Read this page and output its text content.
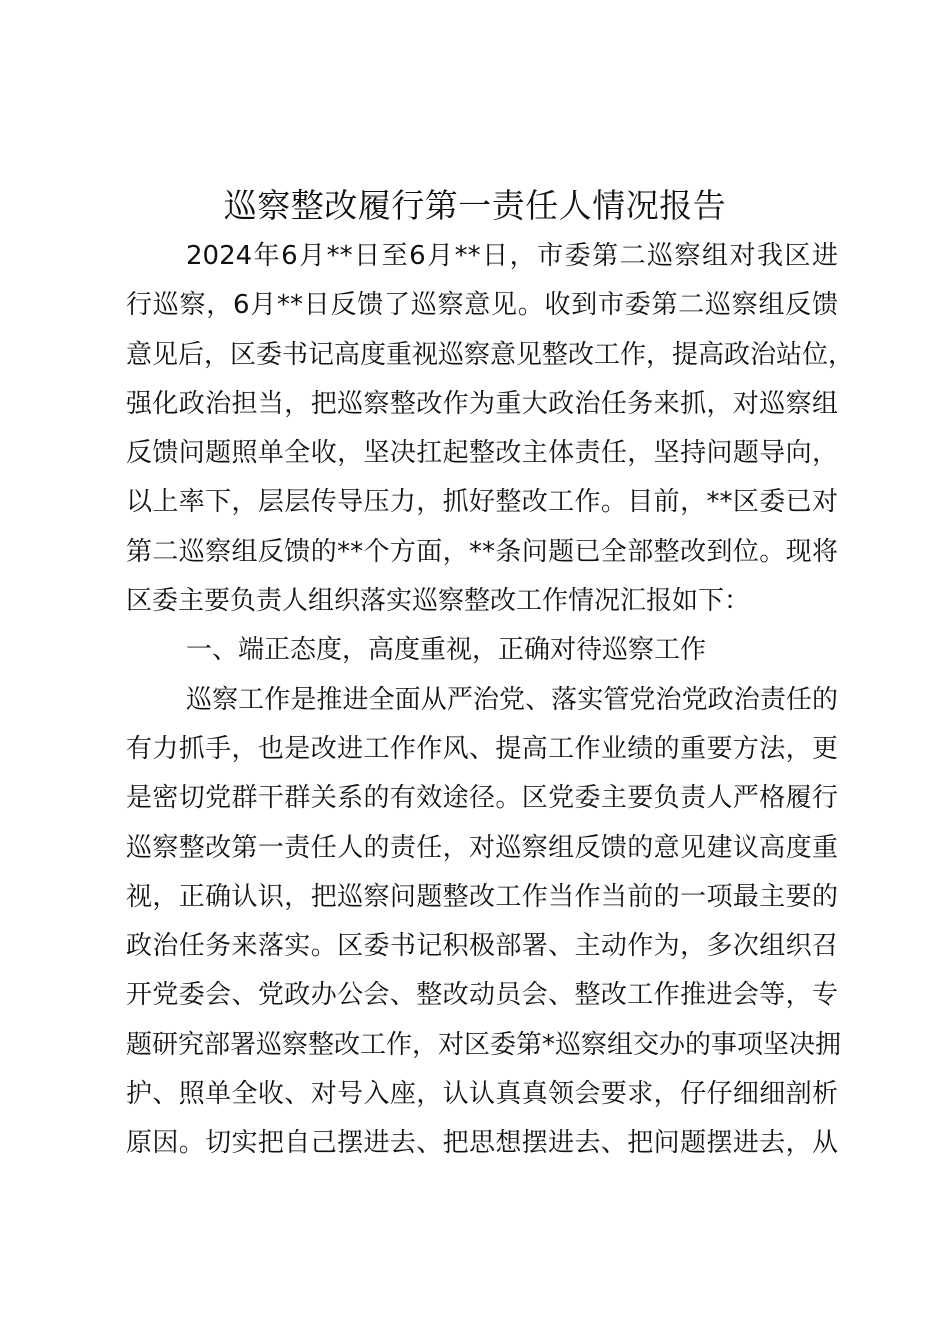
巡察整改履行第一责任人情况报告
2024年6月**日至6月**日，市委第二巡察组对我区进
行巡察，6月**日反馈了巡察意见。收到市委第二巡察组反馈
意见后，区委书记高度重视巡察意见整改工作，提高政治站位，
强化政治担当，把巡察整改作为重大政治任务来抓，对巡察组
反馈问题照单全收，坚决扛起整改主体责任，坚持问题导向，
以上率下，层层传导压力，抓好整改工作。目前，**区委已对
第二巡察组反馈的**个方面，**条问题已全部整改到位。现将
区委主要负责人组织落实巡察整改工作情况汇报如下：
一、端正态度，高度重视，正确对待巡察工作
巡察工作是推进全面从严治党、落实管党治党政治责任的
有力抓手，也是改进工作作风、提高工作业绩的重要方法，更
是密切党群干群关系的有效途径。区党委主要负责人严格履行
巡察整改第一责任人的责任，对巡察组反馈的意见建议高度重
视，正确认识，把巡察问题整改工作当作当前的一项最主要的
政治任务来落实。区委书记积极部署、主动作为，多次组织召
开党委会、党政办公会、整改动员会、整改工作推进会等，专
题研究部署巡察整改工作，对区委第*巡察组交办的事项坚决拥
护、照单全收、对号入座，认认真真领会要求，仔仔细细剖析
原因。切实把自己摆进去、把思想摆进去、把问题摆进去，从
